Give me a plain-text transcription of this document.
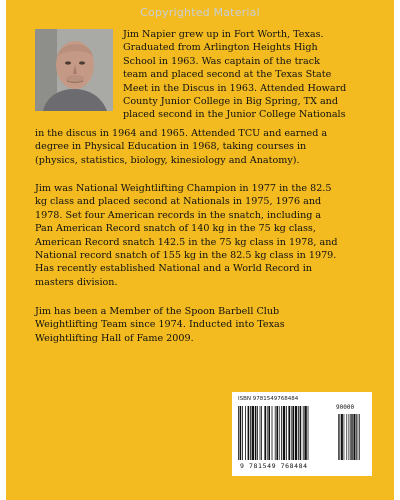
Copyrighted Material
Jim Napier grew up in Fort Worth, Texas.
Graduated from Arlington Heights High
School in 1963. Was captain of the track
team and placed second at the Texas State
Meet in the Discus in 1963. Attended Howard
County Junior College in Big Spring, TX and
placed second in the Junior College Nationals
in the discus in 1964 and 1965. Attended TCU and earned a
degree in Physical Education in 1968, taking courses in
(physics, statistics, biology, kinesiology and Anatomy).
Jim was National Weightlifting Champion in 1977 in the 82.5
kg class and placed second at Nationals in 1975, 1976 and
1978. Set four American records in the snatch, including a
Pan American Record snatch of 140 kg in the 75 kg class,
American Record snatch 142.5 in the 75 kg class in 1978, and
National record snatch of 155 kg in the 82.5 kg class in 1979.
Has recently established National and a World Record in
masters division.
Jim has been a Member of the Spoon Barbell Club
Weightlifting Team since 1974. Inducted into Texas
Weightlifting Hall of Fame 2009.
ISBN 9781549768484
90000
9 781549 768484
